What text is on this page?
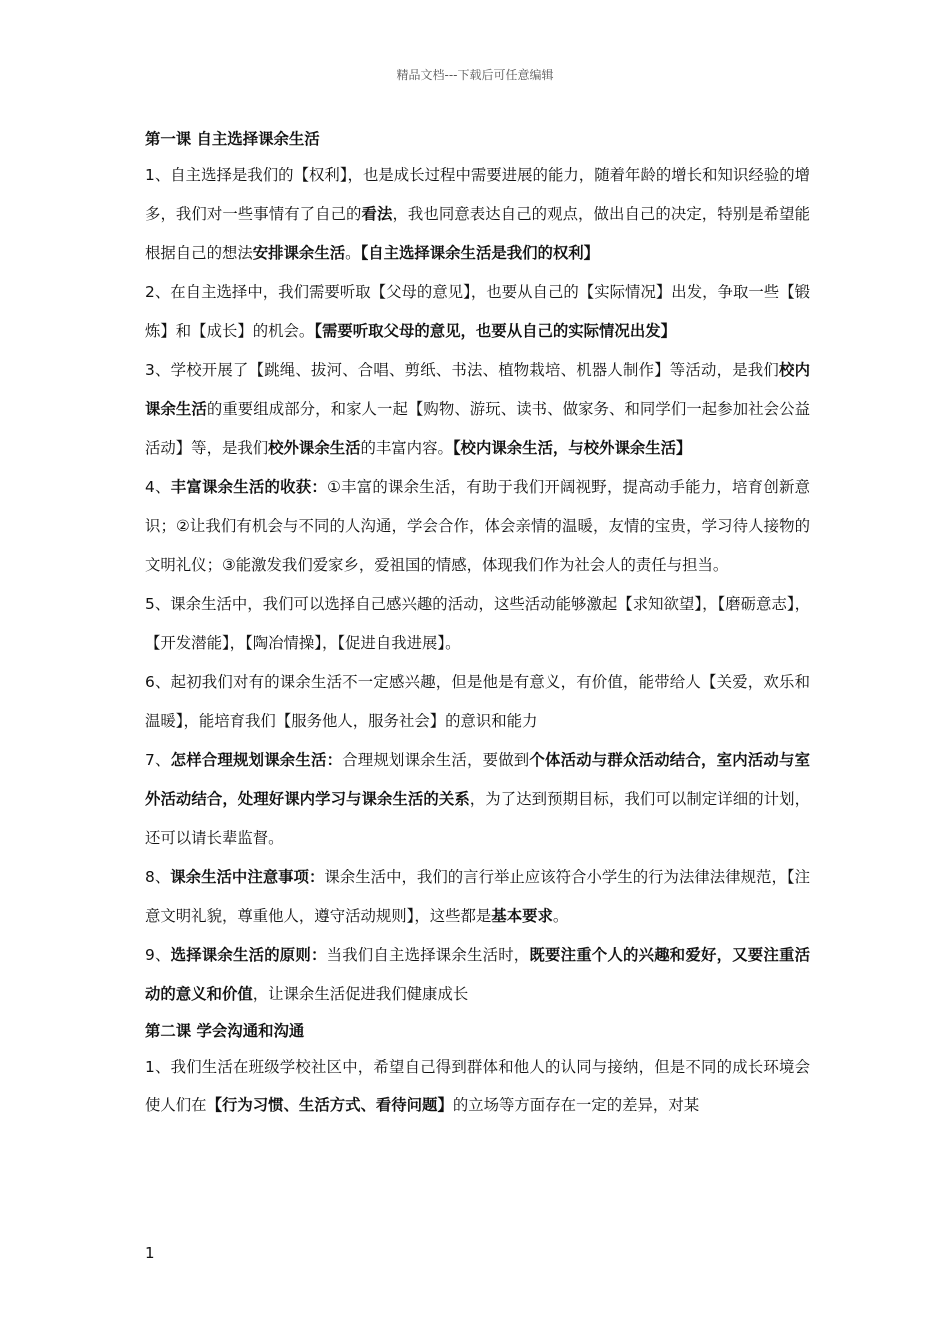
精品文档---下载后可任意编辑
第一课 自主选择课余生活
1、自主选择是我们的【权利】，也是成长过程中需要进展的能力，随着年龄的增长和知识经验的增多，我们对一些事情有了自己的看法，我也同意表达自己的观点，做出自己的决定，特别是希望能根据自己的想法安排课余生活。【自主选择课余生活是我们的权利】
2、在自主选择中，我们需要听取【父母的意见】，也要从自己的【实际情况】出发，争取一些【锻炼】和【成长】的机会。【需要听取父母的意见，也要从自己的实际情况出发】
3、学校开展了【跳绳、拔河、合唱、剪纸、书法、植物栽培、机器人制作】等活动，是我们校内课余生活的重要组成部分，和家人一起【购物、游玩、读书、做家务、和同学们一起参加社会公益活动】等，是我们校外课余生活的丰富内容。【校内课余生活，与校外课余生活】
4、丰富课余生活的收获：①丰富的课余生活，有助于我们开阔视野，提高动手能力，培育创新意识；②让我们有机会与不同的人沟通，学会合作，体会亲情的温暖，友情的宝贵，学习待人接物的文明礼仪；③能激发我们爱家乡，爱祖国的情感，体现我们作为社会人的责任与担当。
5、课余生活中，我们可以选择自己感兴趣的活动，这些活动能够激起【求知欲望】，【磨砺意志】，【开发潜能】，【陶冶情操】，【促进自我进展】。
6、起初我们对有的课余生活不一定感兴趣，但是他是有意义，有价值，能带给人【关爱，欢乐和温暖】，能培育我们【服务他人，服务社会】的意识和能力
7、怎样合理规划课余生活：合理规划课余生活，要做到个体活动与群众活动结合，室内活动与室外活动结合，处理好课内学习与课余生活的关系，为了达到预期目标，我们可以制定详细的计划，还可以请长辈监督。
8、课余生活中注意事项：课余生活中，我们的言行举止应该符合小学生的行为法律法律规范，【注意文明礼貌，尊重他人，遵守活动规则】，这些都是基本要求。
9、选择课余生活的原则：当我们自主选择课余生活时，既要注重个人的兴趣和爱好，又要注重活动的意义和价值，让课余生活促进我们健康成长
第二课 学会沟通和沟通
1、我们生活在班级学校社区中，希望自己得到群体和他人的认同与接纳，但是不同的成长环境会使人们在【行为习惯、生活方式、看待问题】的立场等方面存在一定的差异，对某
1
